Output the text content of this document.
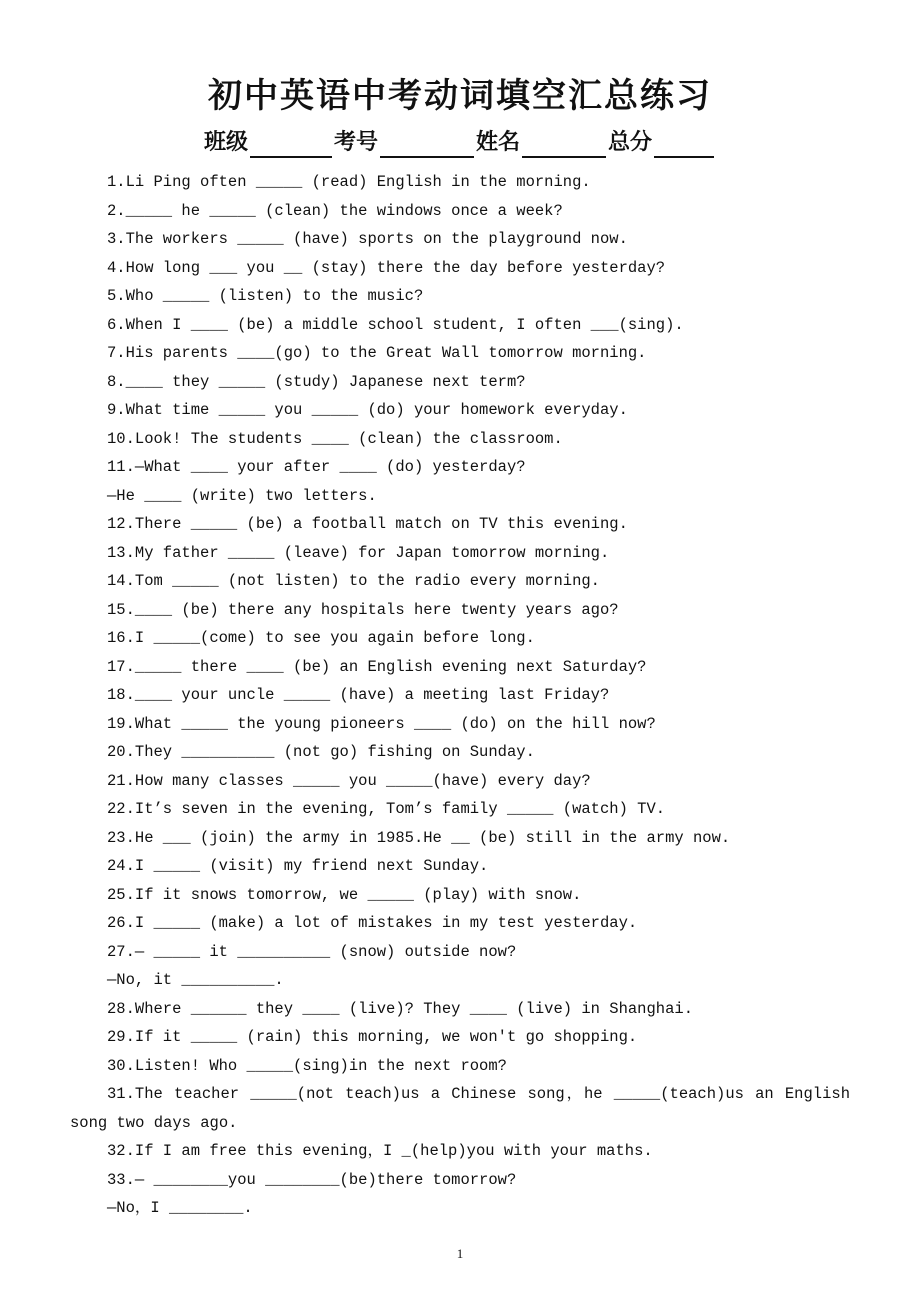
初中英语中考动词填空汇总练习
班级	考号	姓名	总分
1.Li Ping often _____ (read) English in the morning.
2._____ he _____ (clean) the windows once a week?
3.The workers _____ (have) sports on the playground now.
4.How long ___ you __ (stay) there the day before yesterday?
5.Who _____ (listen) to the music?
6.When I ____ (be) a middle school student, I often ___(sing).
7.His parents ____(go) to the Great Wall tomorrow morning.
8.____ they _____ (study) Japanese next term?
9.What time _____ you _____ (do) your homework everyday.
10.Look! The students ____ (clean) the classroom.
11.—What ____ your after ____ (do) yesterday?
—He ____ (write) two letters.
12.There _____ (be) a football match on TV this evening.
13.My father _____ (leave) for Japan tomorrow morning.
14.Tom _____ (not listen) to the radio every morning.
15.____ (be) there any hospitals here twenty years ago?
16.I _____(come) to see you again before long.
17._____ there ____ (be) an English evening next Saturday?
18.____ your uncle _____ (have) a meeting last Friday?
19.What _____ the young pioneers ____ (do) on the hill now?
20.They __________ (not go) fishing on Sunday.
21.How many classes _____ you _____(have) every day?
22.It’s seven in the evening, Tom’s family _____ (watch) TV.
23.He ___ (join) the army in 1985.He __ (be) still in the army now.
24.I _____ (visit) my friend next Sunday.
25.If it snows tomorrow, we _____ (play) with snow.
26.I _____ (make) a lot of mistakes in my test yesterday.
27.— _____ it __________ (snow) outside now?
—No, it __________.
28.Where ______ they ____ (live)? They ____ (live) in Shanghai.
29.If it _____ (rain) this morning, we won't go shopping.
30.Listen! Who _____(sing)in the next room?
31.The teacher _____(not teach)us a Chinese song，he _____(teach)us an English
song two days ago.
32.If I am free this evening，I _(help)you with your maths.
33.— ________you ________(be)there tomorrow?
—No，I ________.
1
